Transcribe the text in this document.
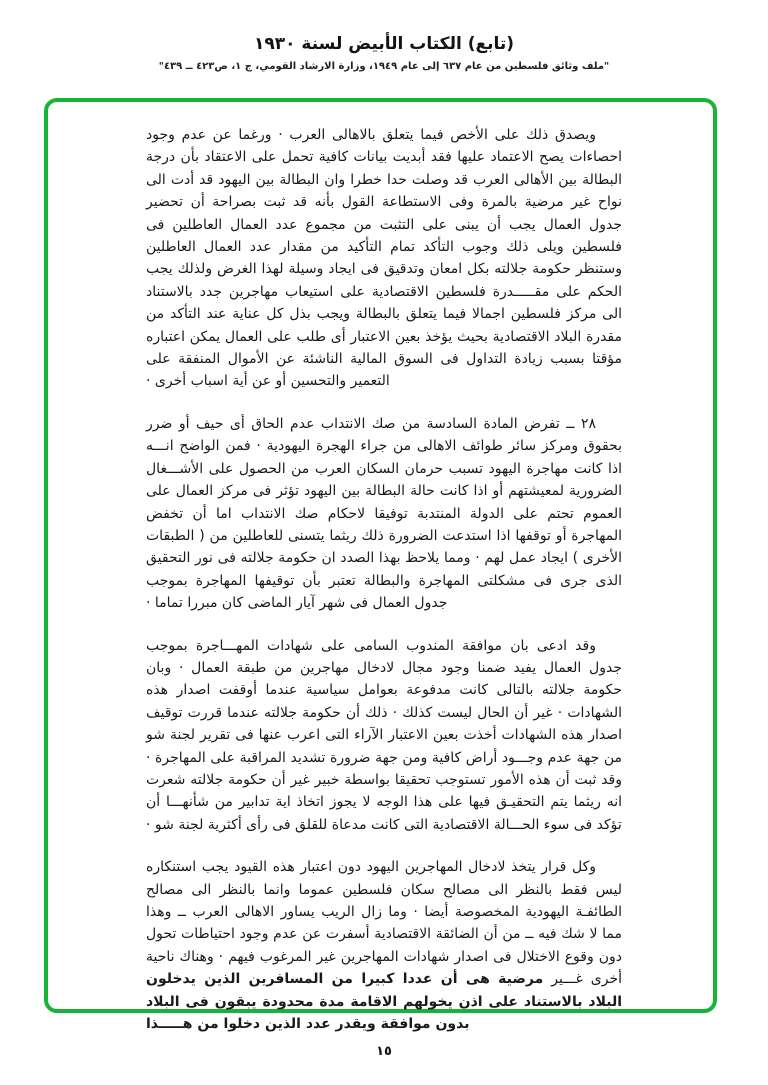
(تابع) الكتاب الأبيض لسنة ١٩٣٠
"ملف وثائق فلسطين من عام ٦٣٧ إلى عام ١٩٤٩، وزارة الارشاد القومي، ج ١، ص٤٢٣ ــ ٤٣٩"

ويصدق ذلك على الأخص فيما يتعلق بالاهالى العرب · ورغما عن عدم وجود احصاءات يصح الاعتماد عليها فقد أبديت بيانات كافية تحمل على الاعتقاد بأن درجة البطالة بين الأهالى العرب قد وصلت حدا خطرا وان البطالة بين اليهود قد أدت الى نواح غير مرضية بالمرة وفى الاستطاعة القول بأنه قد ثبت بصراحة أن تحضير جدول العمال يجب أن يبنى على التثبت من مجموع عدد العمال العاطلين فى فلسطين ويلى ذلك وجوب التأكد تمام التأكيد من مقدار عدد العمال العاطلين وستنظر حكومة جلالته بكل امعان وتدقيق فى ايجاد وسيلة لهذا الغرض ولذلك يجب الحكم على مقـــــدرة فلسطين الاقتصادية على استيعاب مهاجرين جدد بالاستناد الى مركز فلسطين اجمالا فيما يتعلق بالبطالة ويجب بذل كل عناية عند التأكد من مقدرة البلاد الاقتصادية بحيث يؤخذ بعين الاعتبار أى طلب على العمال يمكن اعتباره مؤقتا بسبب زيادة التداول فى السوق المالية الناشئة عن الأموال المنفقة على التعمير والتحسين أو عن أية اسباب أخرى ·

٢٨ ــ تفرض المادة السادسة من صك الانتداب عدم الحاق أى حيف أو ضرر بحقوق ومركز سائر طوائف الاهالى من جراء الهجرة اليهودية · فمن الواضح انـــه اذا كانت مهاجرة اليهود تسبب حرمان السكان العرب من الحصول على الأشـــغال الضرورية لمعيشتهم أو اذا كانت حالة البطالة بين اليهود تؤثر فى مركز العمال على العموم تحتم على الدولة المنتدبة توفيقا لاحكام صك الانتداب اما أن تخفض المهاجرة أو توقفها اذا استدعت الضرورة ذلك ريثما يتسنى للعاطلين من ( الطبقات الأخرى ) ايجاد عمل لهم · ومما يلاحظ بهذا الصدد ان حكومة جلالته فى نور التحقيق الذى جرى فى مشكلتى المهاجرة والبطالة تعتبر بأن توقيفها المهاجرة بموجب جدول العمال فى شهر آيار الماضى كان مبررا تماما ·

وقد ادعى بان موافقة المندوب السامى على شهادات المهـــاجرة بموجب جدول العمال يفيد ضمنا وجود مجال لادخال مهاجرين من طبقة العمال · وبان حكومة جلالته بالتالى كانت مدفوعة بعوامل سياسية عندما أوقفت اصدار هذه الشهادات · غير أن الحال ليست كذلك · ذلك أن حكومة جلالته عندما قررت توقيف اصدار هذه الشهادات أخذت بعين الاعتبار الآراء التى اعرب عنها فى تقرير لجنة شو من جهة عدم وجـــود أراض كافية ومن جهة ضرورة تشديد المراقبة على المهاجرة · وقد ثبت أن هذه الأمور تستوجب تحقيقا بواسطة خبير غير أن حكومة جلالته شعرت انه ريثما يتم التحقيـق فيها على هذا الوجه لا يجوز اتخاذ اية تدابير من شأنهـــا أن تؤكد فى سوء الحـــالة الاقتصادية التى كانت مدعاة للقلق فى رأى أكثرية لجنة شو ·

وكل قرار يتخذ لادخال المهاجرين اليهود دون اعتبار هذه القيود يجب استنكاره ليس فقط بالنظر الى مصالح سكان فلسطين عموما وانما بالنظر الى مصالح الطائفـة اليهودية المخصوصة أيضا · وما زال الريب يساور الاهالى العرب ــ وهذا مما لا شك فيه ــ من أن الضائقة الاقتصادية أسفرت عن عدم وجود احتياطات تحول دون وقوع الاختلال فى اصدار شهادات المهاجرين غير المرغوب فيهم · وهناك ناحية أخرى غـــير مرضية هى أن عددا كبيرا من المسافرين الذين يدخلون البلاد بالاستناد على اذن يخولهم الاقامة مدة محدودة يبقون فى البلاد بدون موافقة ويقدر عدد الذين دخلوا من هـــــذا

١٥
